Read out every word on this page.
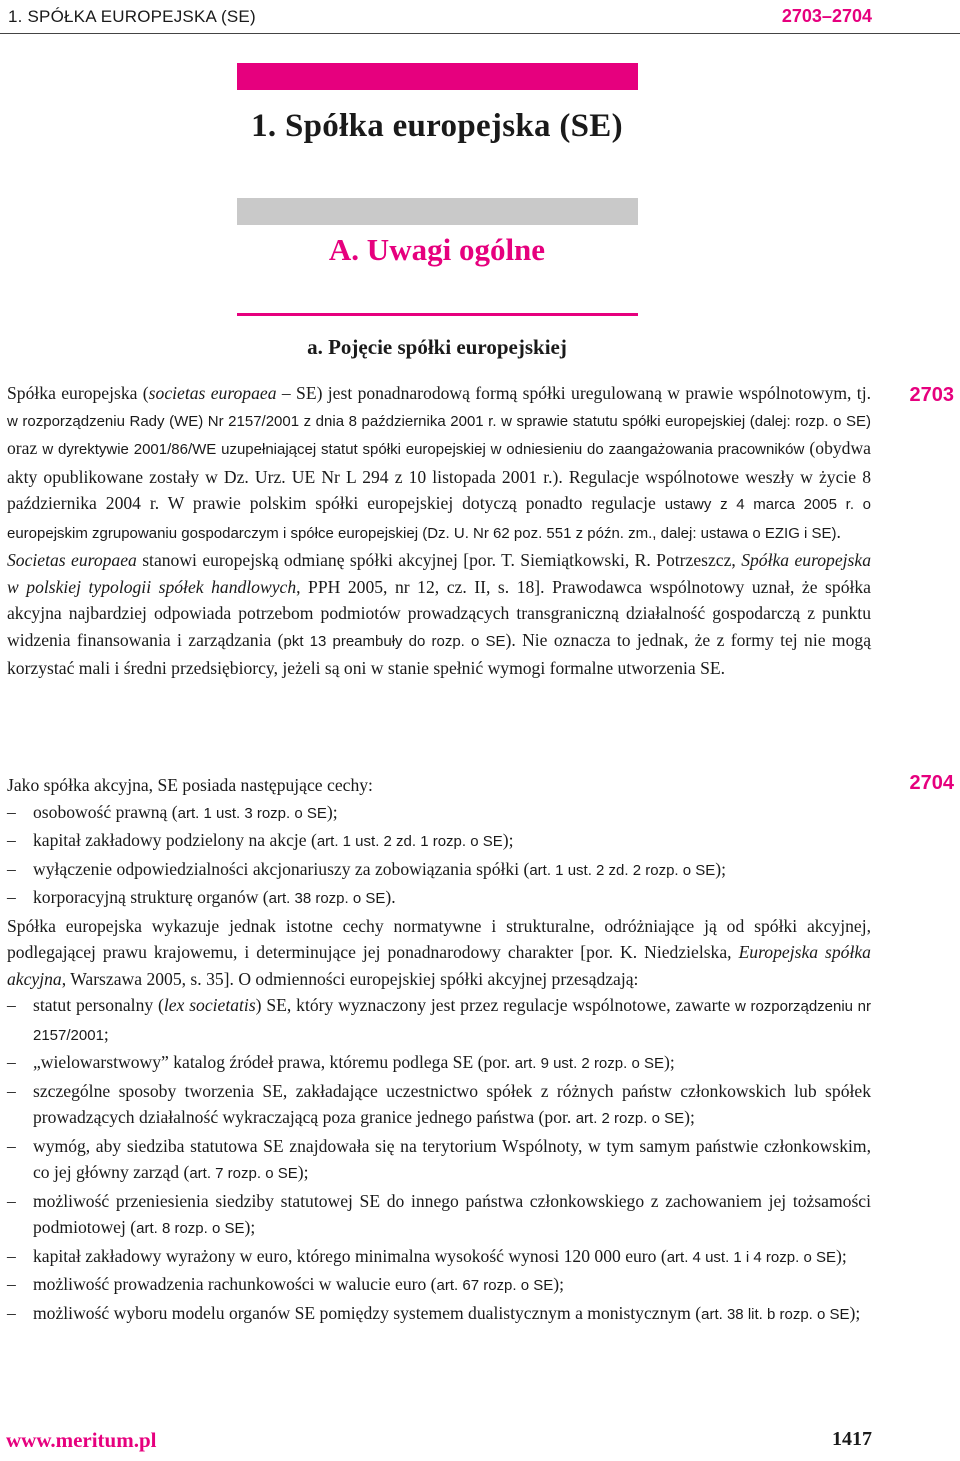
1. SPÓŁKA EUROPEJSKA (SE)	2703–2704
1. Spółka europejska (SE)
A. Uwagi ogólne
a. Pojęcie spółki europejskiej
2703
2704

Spółka europejska (societas europaea – SE) jest ponadnarodową formą spółki uregulowaną w prawie wspólnotowym, tj. w rozporządzeniu Rady (WE) Nr 2157/2001 z dnia 8 października 2001 r. w sprawie statutu spółki europejskiej (dalej: rozp. o SE) oraz w dyrektywie 2001/86/WE uzupełniającej statut spółki europejskiej w odniesieniu do zaangażowania pracowników (obydwa akty opublikowane zostały w Dz. Urz. UE Nr L 294 z 10 listopada 2001 r.). Regulacje wspólnotowe weszły w życie 8 października 2004 r. W prawie polskim spółki europejskiej dotyczą ponadto regulacje ustawy z 4 marca 2005 r. o europejskim zgrupowaniu gospodarczym i spółce europejskiej (Dz. U. Nr 62 poz. 551 z późn. zm., dalej: ustawa o EZIG i SE).

Societas europaea stanowi europejską odmianę spółki akcyjnej [por. T. Siemiątkowski, R. Potrzeszcz, Spółka europejska w polskiej typologii spółek handlowych, PPH 2005, nr 12, cz. II, s. 18]. Prawodawca wspólnotowy uznał, że spółka akcyjna najbardziej odpowiada potrzebom podmiotów prowadzących transgraniczną działalność gospodarczą z punktu widzenia finansowania i zarządzania (pkt 13 preambuły do rozp. o SE). Nie oznacza to jednak, że z formy tej nie mogą korzystać mali i średni przedsiębiorcy, jeżeli są oni w stanie spełnić wymogi formalne utworzenia SE.

Jako spółka akcyjna, SE posiada następujące cechy:

– osobowość prawną (art. 1 ust. 3 rozp. o SE);
– kapitał zakładowy podzielony na akcje (art. 1 ust. 2 zd. 1 rozp. o SE);
– wyłączenie odpowiedzialności akcjonariuszy za zobowiązania spółki (art. 1 ust. 2 zd. 2 rozp. o SE);
– korporacyjną strukturę organów (art. 38 rozp. o SE).

Spółka europejska wykazuje jednak istotne cechy normatywne i strukturalne, odróżniające ją od spółki akcyjnej, podlegającej prawu krajowemu, i determinujące jej ponadnarodowy charakter [por. K. Niedzielska, Europejska spółka akcyjna, Warszawa 2005, s. 35]. O odmienności europejskiej spółki akcyjnej przesądzają:

– statut personalny (lex societatis) SE, który wyznaczony jest przez regulacje wspólnotowe, zawarte w rozporządzeniu nr 2157/2001;
– „wielowarstwowy” katalog źródeł prawa, któremu podlega SE (por. art. 9 ust. 2 rozp. o SE);
– szczególne sposoby tworzenia SE, zakładające uczestnictwo spółek z różnych państw członkowskich lub spółek prowadzących działalność wykraczającą poza granice jednego państwa (por. art. 2 rozp. o SE);
– wymóg, aby siedziba statutowa SE znajdowała się na terytorium Wspólnoty, w tym samym państwie członkowskim, co jej główny zarząd (art. 7 rozp. o SE);
– możliwość przeniesienia siedziby statutowej SE do innego państwa członkowskiego z zachowaniem jej tożsamości podmiotowej (art. 8 rozp. o SE);
– kapitał zakładowy wyrażony w euro, którego minimalna wysokość wynosi 120 000 euro (art. 4 ust. 1 i 4 rozp. o SE);
– możliwość prowadzenia rachunkowości w walucie euro (art. 67 rozp. o SE);
– możliwość wyboru modelu organów SE pomiędzy systemem dualistycznym a monistycznym (art. 38 lit. b rozp. o SE);
www.meritum.pl	1417
